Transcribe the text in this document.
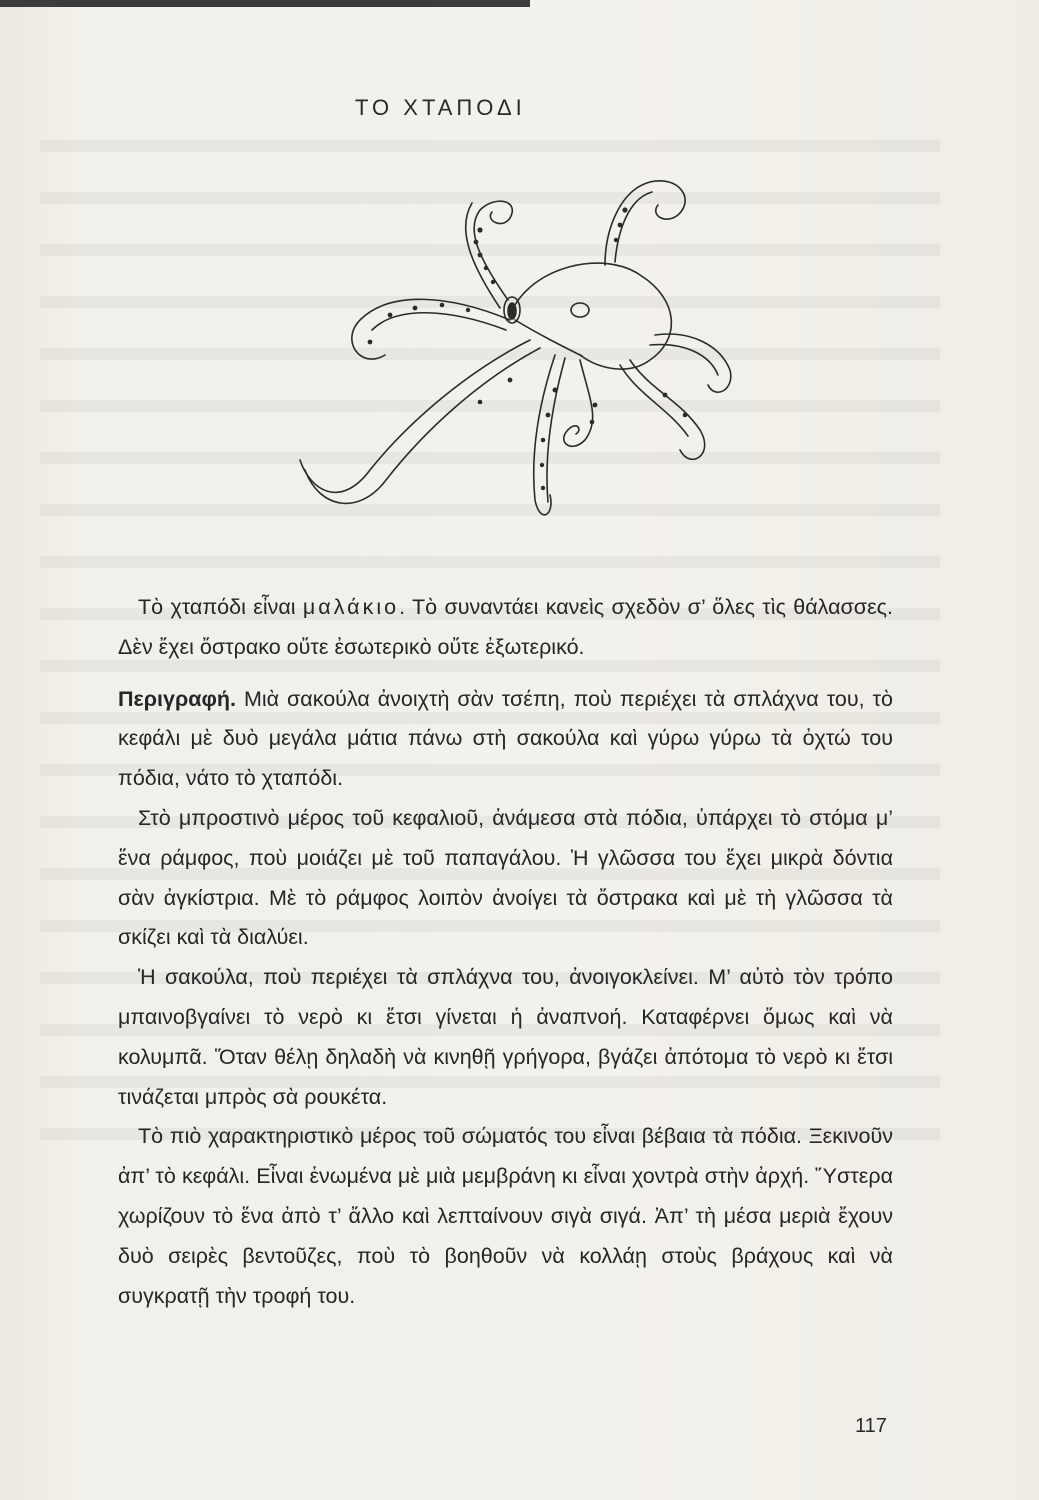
ΤΟ ΧΤΑΠΟΔΙ

Τὸ χταπόδι εἶναι μαλάκιο. Τὸ συναντάει κανεὶς σχεδὸν σ’ ὅλες τὶς θάλασσες. Δὲν ἔχει ὄστρακο οὔτε ἐσωτερικὸ οὔτε ἐξωτερικό.

Περιγραφή. Μιὰ σακούλα ἀνοιχτὴ σὰν τσέπη, ποὺ περιέχει τὰ σπλάχνα του, τὸ κεφάλι μὲ δυὸ μεγάλα μάτια πάνω στὴ σακούλα καὶ γύρω γύρω τὰ ὀχτώ του πόδια, νάτο τὸ χταπόδι.

Στὸ μπροστινὸ μέρος τοῦ κεφαλιοῦ, ἀνάμεσα στὰ πόδια, ὑπάρχει τὸ στόμα μ’ ἕνα ράμφος, ποὺ μοιάζει μὲ τοῦ παπαγάλου. Ἡ γλῶσσα του ἔχει μικρὰ δόντια σὰν ἀγκίστρια. Μὲ τὸ ράμφος λοιπὸν ἀνοίγει τὰ ὄστρακα καὶ μὲ τὴ γλῶσσα τὰ σκίζει καὶ τὰ διαλύει.

Ἡ σακούλα, ποὺ περιέχει τὰ σπλάχνα του, ἀνοιγοκλείνει. Μ’ αὐτὸ τὸν τρόπο μπαινοβγαίνει τὸ νερὸ κι ἔτσι γίνεται ἡ ἀναπνοή. Καταφέρνει ὅμως καὶ νὰ κολυμπᾶ. Ὅταν θέλῃ δηλαδὴ νὰ κινηθῇ γρήγορα, βγάζει ἀπότομα τὸ νερὸ κι ἔτσι τινάζεται μπρὸς σὰ ρουκέτα.

Τὸ πιὸ χαρακτηριστικὸ μέρος τοῦ σώματός του εἶναι βέβαια τὰ πόδια. Ξεκινοῦν ἀπ’ τὸ κεφάλι. Εἶναι ἑνωμένα μὲ μιὰ μεμβράνη κι εἶναι χοντρὰ στὴν ἀρχή. Ὕστερα χωρίζουν τὸ ἕνα ἀπὸ τ’ ἄλλο καὶ λεπταίνουν σιγὰ σιγά. Ἀπ’ τὴ μέσα μεριὰ ἔχουν δυὸ σειρὲς βεντοῦζες, ποὺ τὸ βοηθοῦν νὰ κολλάῃ στοὺς βράχους καὶ νὰ συγκρατῇ τὴν τροφή του.

117
